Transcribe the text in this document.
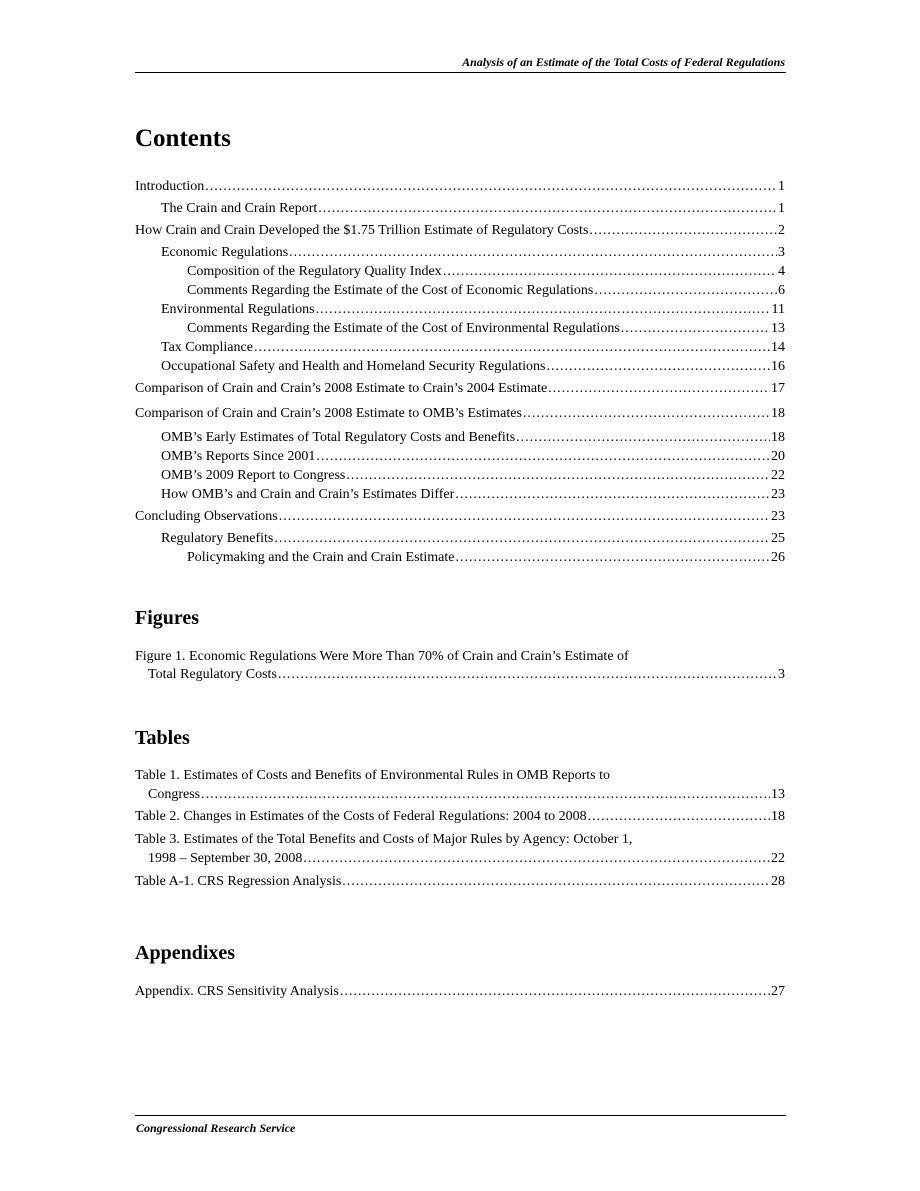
Analysis of an Estimate of the Total Costs of Federal Regulations
Contents
Introduction .....	1
The Crain and Crain Report .....	1
How Crain and Crain Developed the $1.75 Trillion Estimate of Regulatory Costs .....	2
Economic Regulations .....	3
Composition of the Regulatory Quality Index .....	4
Comments Regarding the Estimate of the Cost of Economic Regulations .....	6
Environmental Regulations .....	11
Comments Regarding the Estimate of the Cost of Environmental Regulations .....	13
Tax Compliance .....	14
Occupational Safety and Health and Homeland Security Regulations .....	16
Comparison of Crain and Crain’s 2008 Estimate to Crain’s 2004 Estimate .....	17
Comparison of Crain and Crain’s 2008 Estimate to OMB’s Estimates .....	18
OMB’s Early Estimates of Total Regulatory Costs and Benefits .....	18
OMB’s Reports Since 2001 .....	20
OMB’s 2009 Report to Congress .....	22
How OMB’s and Crain and Crain’s Estimates Differ .....	23
Concluding Observations .....	23
Regulatory Benefits .....	25
Policymaking and the Crain and Crain Estimate .....	26
Figures
Figure 1. Economic Regulations Were More Than 70% of Crain and Crain’s Estimate of
Total Regulatory Costs .....	3
Tables
Table 1. Estimates of Costs and Benefits of Environmental Rules in OMB Reports to
Congress .....	13
Table 2. Changes in Estimates of the Costs of Federal Regulations: 2004 to 2008 .....	18
Table 3. Estimates of the Total Benefits and Costs of Major Rules by Agency: October 1,
1998 – September 30, 2008 .....	22
Table A-1. CRS Regression Analysis .....	28
Appendixes
Appendix. CRS Sensitivity Analysis .....	27
Congressional Research Service
